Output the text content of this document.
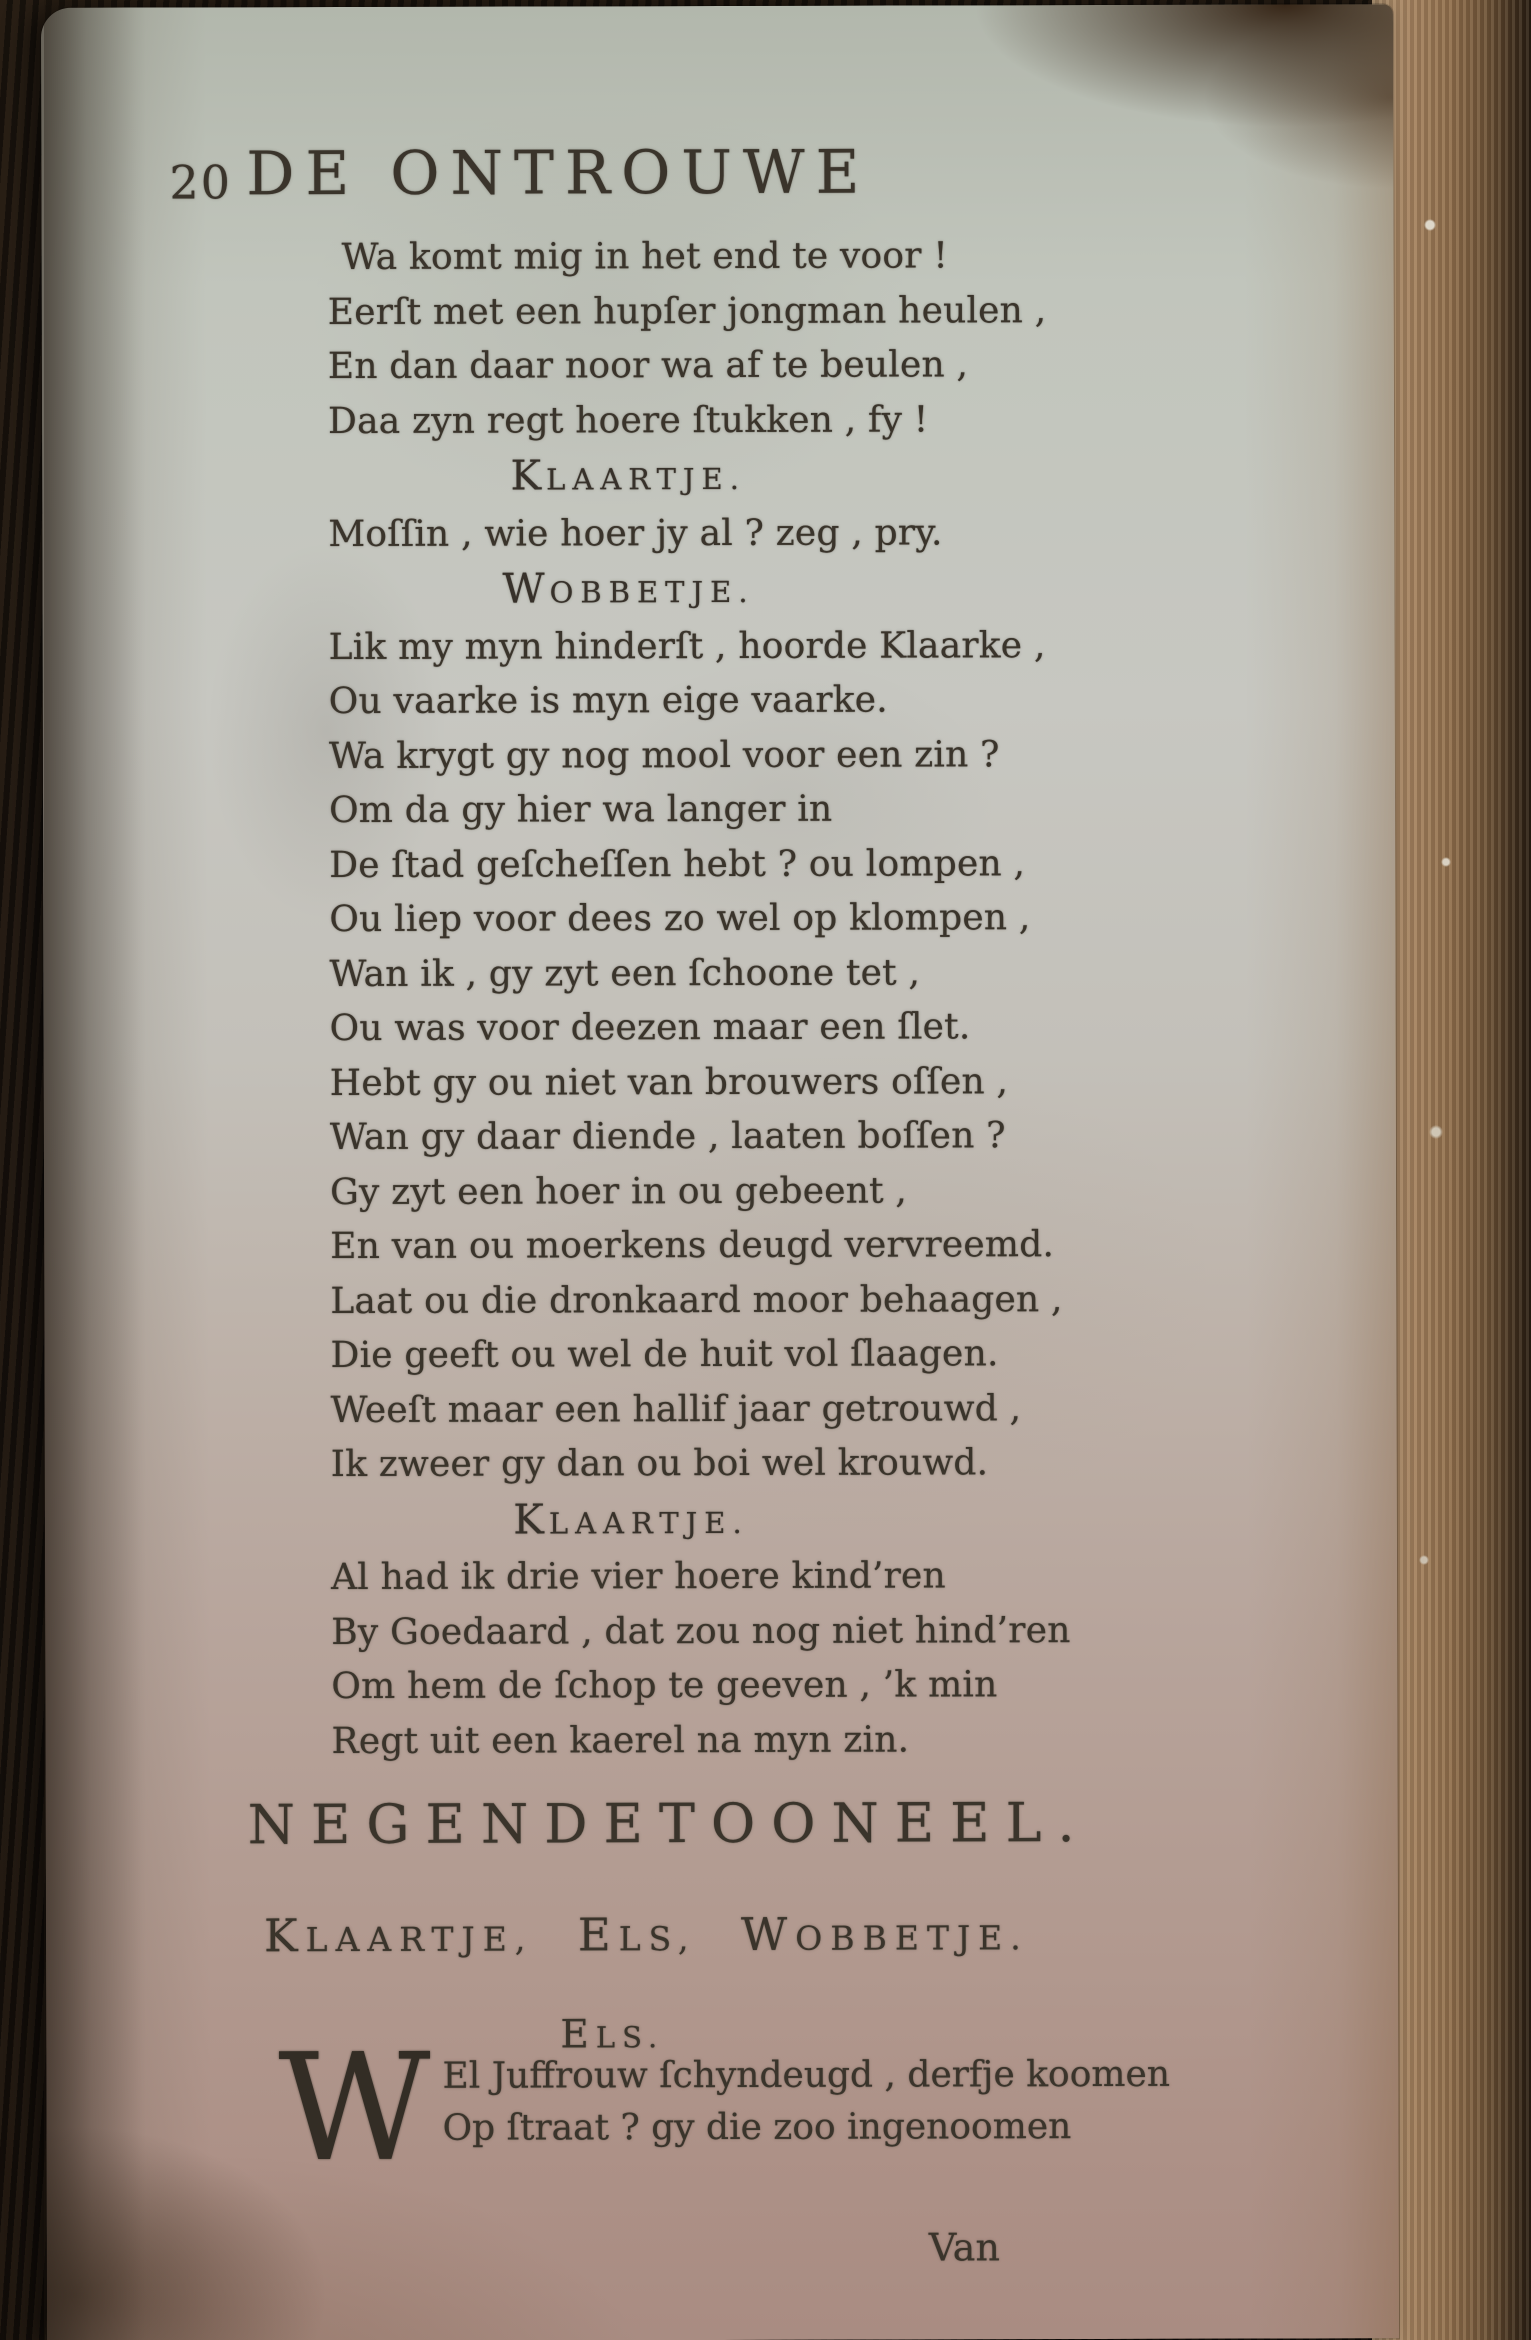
20 DE ONTROUWE
Wa komt mig in het end te voor !
Eerſt met een hupſer jongman heulen ,
En dan daar noor wa af te beulen ,
Daa zyn regt hoere ſtukken , fy !
KLAARTJE.
Moſſin , wie hoer jy al ? zeg , pry.
WOBBETJE.
Lik my myn hinderſt , hoorde Klaarke ,
Ou vaarke is myn eige vaarke.
Wa krygt gy nog mool voor een zin ?
Om da gy hier wa langer in
De ſtad geſcheſſen hebt ? ou lompen ,
Ou liep voor dees zo wel op klompen ,
Wan ik , gy zyt een ſchoone tet ,
Ou was voor deezen maar een ſlet.
Hebt gy ou niet van brouwers oſſen ,
Wan gy daar diende , laaten boſſen ?
Gy zyt een hoer in ou gebeent ,
En van ou moerkens deugd vervreemd.
Laat ou die dronkaard moor behaagen ,
Die geeft ou wel de huit vol ſlaagen.
Weeſt maar een hallif jaar getrouwd ,
Ik zweer gy dan ou boi wel krouwd.
KLAARTJE.
Al had ik drie vier hoere kind’ren
By Goedaard , dat zou nog niet hind’ren
Om hem de ſchop te geeven , ’k min
Regt uit een kaerel na myn zin.
NEGENDE TOONEEL.
KLAARTJE, ELS, WOBBETJE.
ELS.
W El Juffrouw ſchyndeugd , derfje koomen
Op ſtraat ? gy die zoo ingenoomen
Van
